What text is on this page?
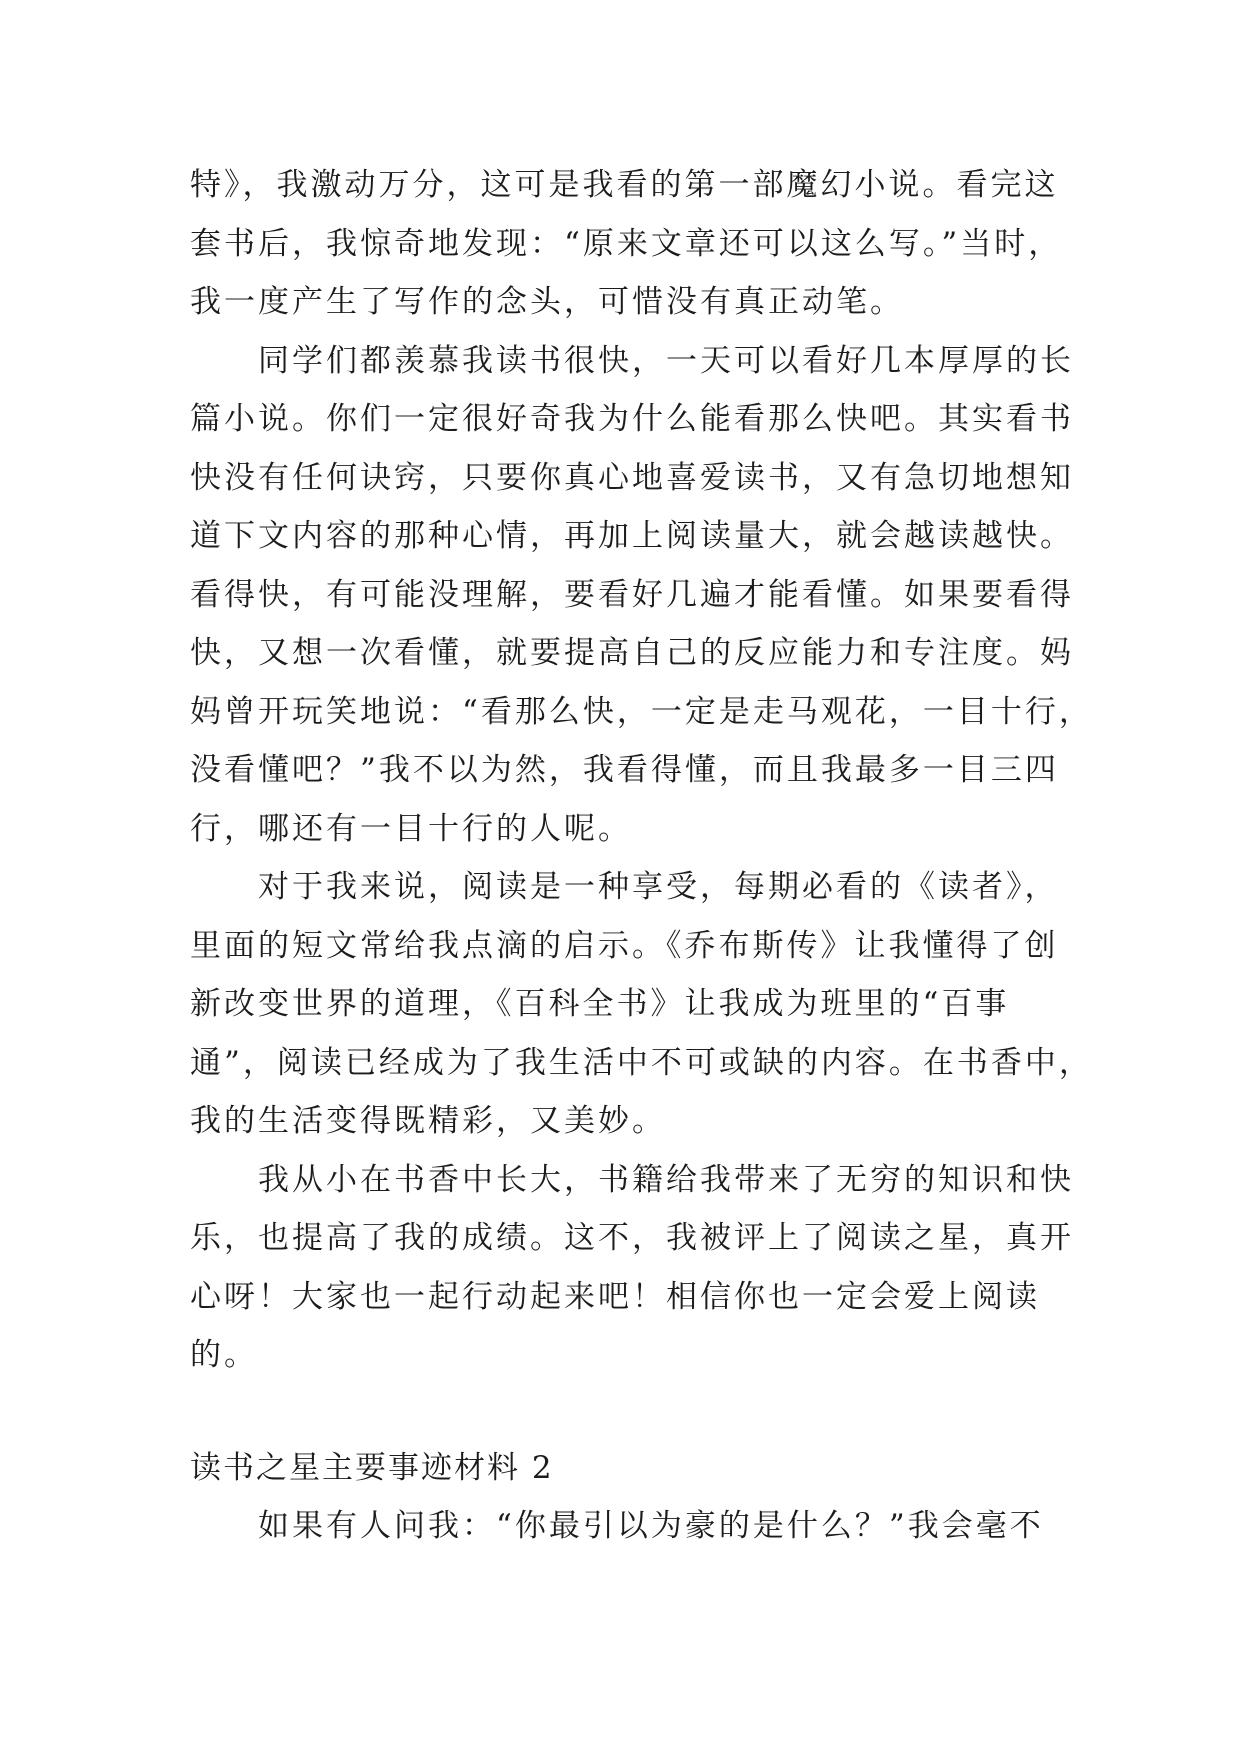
特》，我激动万分，这可是我看的第一部魔幻小说。看完这
套书后，我惊奇地发现：“原来文章还可以这么写。”当时，
我一度产生了写作的念头，可惜没有真正动笔。
同学们都羡慕我读书很快，一天可以看好几本厚厚的长
篇小说。你们一定很好奇我为什么能看那么快吧。其实看书
快没有任何诀窍，只要你真心地喜爱读书，又有急切地想知
道下文内容的那种心情，再加上阅读量大，就会越读越快。
看得快，有可能没理解，要看好几遍才能看懂。如果要看得
快，又想一次看懂，就要提高自己的反应能力和专注度。妈
妈曾开玩笑地说：“看那么快，一定是走马观花，一目十行，
没看懂吧？”我不以为然，我看得懂，而且我最多一目三四
行，哪还有一目十行的人呢。
对于我来说，阅读是一种享受，每期必看的《读者》，
里面的短文常给我点滴的启示。《乔布斯传》让我懂得了创
新改变世界的道理，《百科全书》让我成为班里的“百事
通”，阅读已经成为了我生活中不可或缺的内容。在书香中，
我的生活变得既精彩，又美妙。
我从小在书香中长大，书籍给我带来了无穷的知识和快
乐，也提高了我的成绩。这不，我被评上了阅读之星，真开
心呀！大家也一起行动起来吧！相信你也一定会爱上阅读
的。
读书之星主要事迹材料 2
如果有人问我：“你最引以为豪的是什么？”我会毫不
